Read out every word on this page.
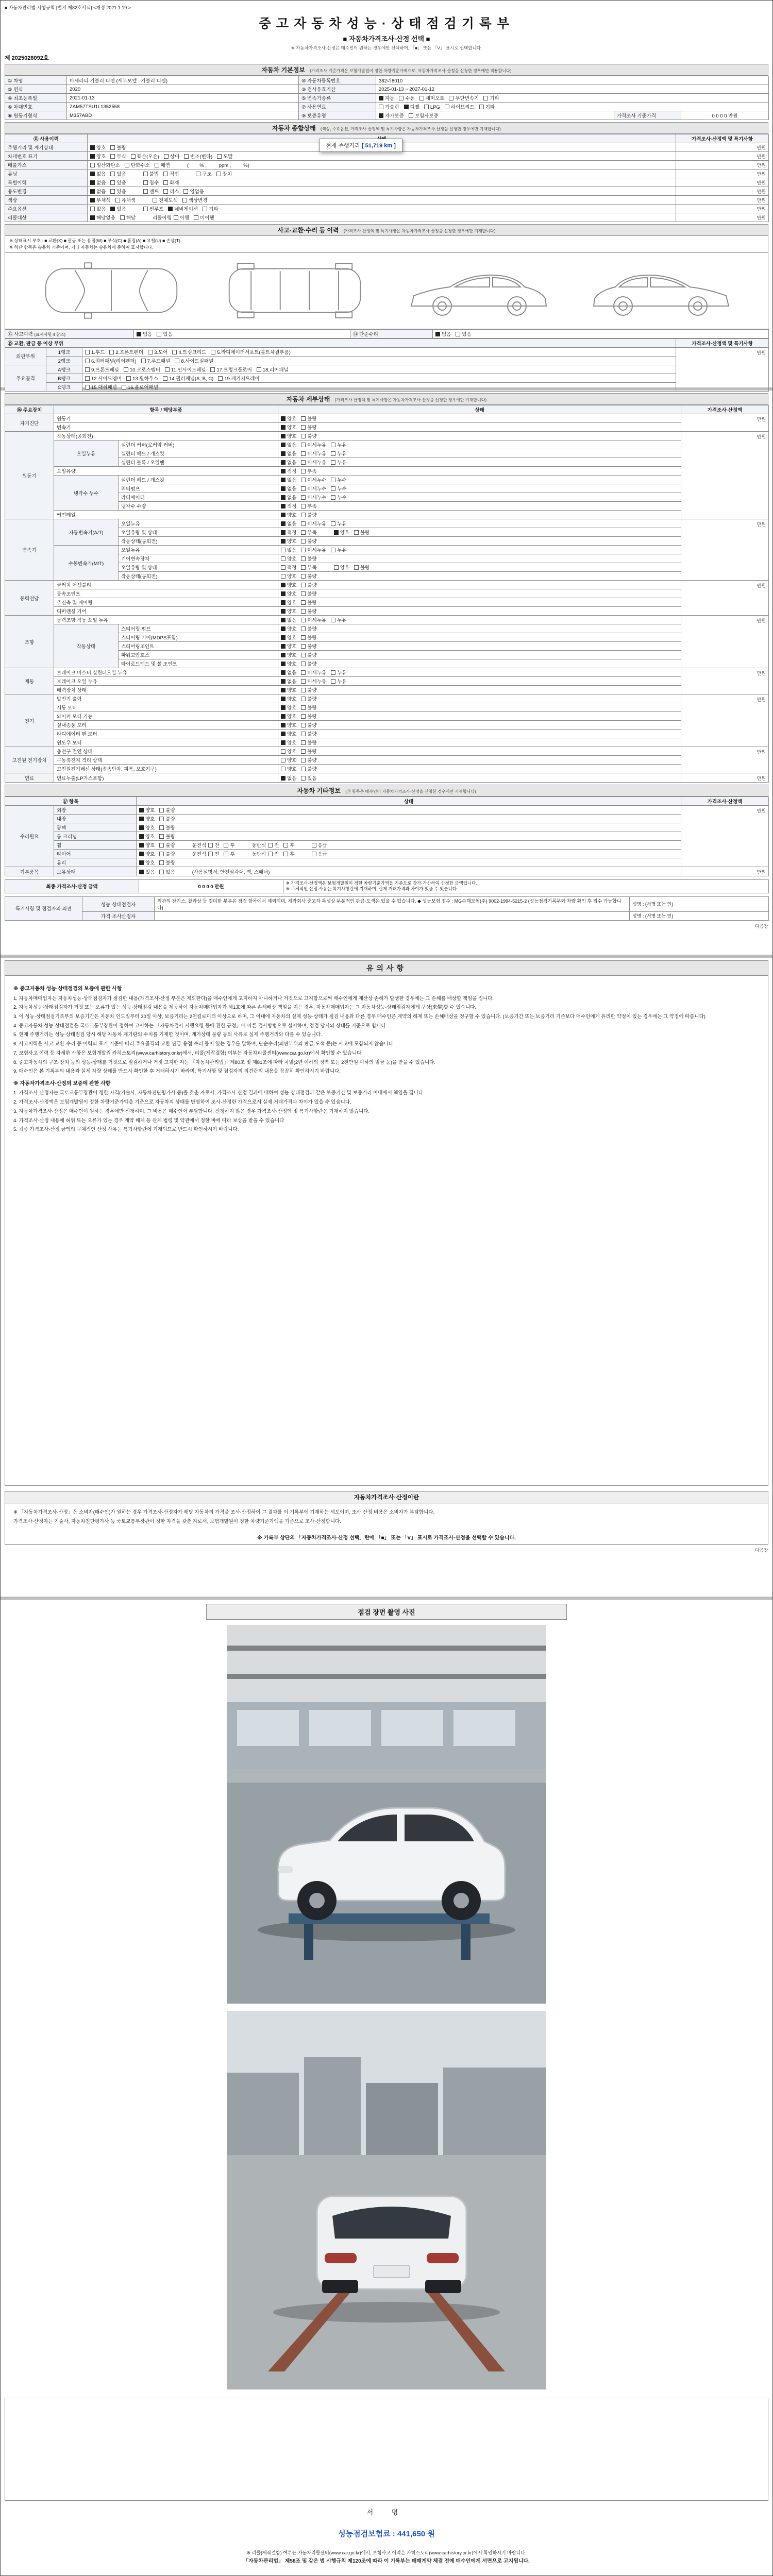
■ 자동차관리법 시행규칙 [별지 제82호서식] <개정 2021.1.19.>
중고자동차성능·상태점검기록부
■ 자동차가격조사·산정 선택 ■
※ 자동차가격조사·산정은 매수인이 원하는 경우에만 선택하며, 「■」 또는 「V」 표시로 선택합니다.
제 2025028092호
자동차 기본정보 (가격조사 기준가격은 보험개발원이 정한 차량기준가액으로, 자동차가격조사·산정을 신청한 경우에만 적용합니다)
① 차명	마세라티 기블리 디젤 (세부모델 : 기블리 디젤)	⑩ 자동차등록번호	382러8010		
② 연식	2020	③ 검사유효기간	2025-01-13 ~ 2027-01-12		
④ 최초등록일	2021-01-13	⑤ 변속기종류	자동 수동 세미오토 무단변속기 기타		
⑥ 차대번호	ZAM57TSU1L1352558	⑦ 사용연료	가솔린 디젤 LPG 하이브리드 기타		
⑧ 원동기형식	M357ABD	⑨ 보증유형	자가보증 보험사보증	가격조사 기준가격	0 0 0 0 만원
자동차 종합상태 (색상, 주요옵션, 가격조사·산정액 및 특기사항은 자동차가격조사·산정을 신청한 경우에만 기재합니다)
⑪ 사용이력		가격조사·산정액 및 특기사항
주행거리 및 계기상태	양호 불량	만원
차대번호 표기	양호 부식 훼손(오손) 상이 변조(변타) 도말	만원
배출가스	일산화탄소 탄화수소 매연 (        % ,         ppm ,         %)	만원
튜닝	없음 있음 불법 적법 구조 장치	만원
특별이력	없음 있음 침수 화재	만원
용도변경	없음 있음 렌트 리스 영업용	만원
색상	무채색 유채색 전체도색 색상변경	만원
주요옵션	없음 있음 썬루프 네비게이션 기타	만원
리콜대상	해당없음 해당 리콜이행 이행 미이행	만원
현재 주행거리 [ 51,719 km ]
사고·교환·수리 등 이력 (가격조사·산정액 및 특기사항은 자동차가격조사·산정을 신청한 경우에만 기재합니다)
※ 상태표시 부호 : ■ 교환(X) ■ 판금 또는 용접(W) ■ 부식(C) ■ 흠집(A) ■ 요철(U) ■ 손상(T)
※ 하단 항목은 승용차 기준이며, 기타 자동차는 승용차에 준하여 표시합니다.
⑬ 사고이력 (표시사항 4 참조)	없음 있음	⑭ 단순수리	없음 있음
⑮ 교환, 판금 등 이상 부위			가격조사·산정액 및 특기사항
외판부위	1랭크	1.후드 2.프론트펜더 3.도어 4.트렁크리드 5.라디에이터서포트(볼트체결부품)	만원
	2랭크	6.쿼터패널(리어펜더) 7.루프패널 8.사이드실패널	
주요골격	A랭크	9.프론트패널 10.크로스멤버 11.인사이드패널 17.트렁크플로어 18.리어패널	
	B랭크	12.사이드멤버 13.휠하우스 14.필러패널(A, B, C) 19.패키지트레이	
	C랭크	15.대쉬패널 16.플로어패널	
자동차 세부상태 (가격조사·산정액 및 특기사항은 자동차가격조사·산정을 신청한 경우에만 기재합니다)
⑯ 주요장치	항목 / 해당부품		상태	가격조사·산정액
자기진단	원동기		양호 불량	만원
	변속기		양호 불량	
원동기	작동상태(공회전)		양호 불량	만원
	오일누유	실린더 커버(로커암 커버)	없음 미세누유 누유	
		실린더 헤드 / 개스킷	없음 미세누유 누유	
		실린더 블록 / 오일팬	없음 미세누유 누유	
	오일유량		적정 부족	
	냉각수 누수	실린더 헤드 / 개스킷	없음 미세누수 누수	
		워터펌프	없음 미세누수 누수	
		라디에이터	없음 미세누수 누수	
		냉각수 수량	적정 부족	
	커먼레일		양호 불량	
변속기	자동변속기(A/T)	오일누유	없음 미세누유 누유	만원
		오일유량 및 상태	적정 부족 양호 불량	
		작동상태(공회전)	양호 불량	
	수동변속기(M/T)	오일누유	없음 미세누유 누유	
		기어변속장치	양호 불량	
		오일유량 및 상태	적정 부족 양호 불량	
		작동상태(공회전)	양호 불량	
동력전달	클러치 어셈블리		양호 불량	만원
	등속조인트		양호 불량	
	추진축 및 베어링		양호 불량	
	디퍼렌셜 기어		양호 불량	
조향	동력조향 작동 오일 누유		없음 미세누유 누유	만원
	작동상태	스티어링 펌프	양호 불량	
		스티어링 기어(MDPS포함)	양호 불량	
		스티어링조인트	양호 불량	
		파워고압호스	양호 불량	
		타이로드엔드 및 볼 조인트	양호 불량	
제동	브레이크 마스터 실린더오일 누유		없음 미세누유 누유	만원
	브레이크 오일 누유		없음 미세누유 누유	
	배력장치 상태		양호 불량	
전기	발전기 출력		양호 불량	만원
	시동 모터		양호 불량	
	와이퍼 모터 기능		양호 불량	
	실내송풍 모터		양호 불량	
	라디에이터 팬 모터		양호 불량	
	윈도우 모터		양호 불량	
고전원 전기장치	충전구 절연 상태		양호 불량	만원
	구동축전지 격리 상태		양호 불량	
	고전원전기배선 상태(접속단자, 피복, 보호기구)		양호 불량	
연료	연료누출(LP가스포함)		없음 있음	만원
자동차 기타정보 (⑰ 항목은 매수인이 자동차가격조사·산정을 신청한 경우에만 기재합니다)
⑰ 항목		상태	가격조사·산정액
수리필요	외장	양호 불량	만원
	내장	양호 불량	
	광택	양호 불량	
	룸 크리닝	양호 불량	
	휠	양호 불량 운전석 전 후 동반석 전 후 응급	
	타이어	양호 불량 운전석 전 후 동반석 전 후 응급	
	유리	양호 불량	
기본품목	보유상태	있음 없음 (사용설명서, 안전삼각대, 잭, 스패너)	만원
최종 가격조사·산정 금액	0 0 0 0 만원	
※ 가격조사·산정액은 보험개발원이 정한 차량기준가액을 기준으로 감가·가산하여 산정한 금액입니다.
※ 구체적인 산정 사유는 특기사항란에 기재하며, 실제 거래가격과 차이가 있을 수 있습니다.
특기사항 및 점검자의 의견	성능·상태점검자	외관의 잔기스, 찰과상 등 경미한 부분은 점검 항목에서 제외되며, 제작회사 중고차 특성상 부분적인 판금·도색은 있을 수 있습니다. ◆ 성능보험 접수 : MG손해보험(주) 9002-1994-5215-2 (성능점검기록부와 차량 확인 후 접수 가능합니다)	성명 : (서명 또는 인)
	가격·조사산정자		성명 : (서명 또는 인)
다음장
유의사항
※ 중고자동차 성능·상태점검의 보증에 관한 사항
1. 자동차매매업자는 자동차성능·상태점검자가 점검한 내용(가격조사·산정 부분은 제외한다)을 매수인에게 고지하지 아니하거나 거짓으로 고지함으로써 매수인에게 재산상 손해가 발생한 경우에는 그 손해를 배상할 책임을 집니다.
2. 자동차성능·상태점검자가 거짓 또는 오류가 있는 성능·상태점검 내용을 제공하여 자동차매매업자가 제1호에 따른 손해배상 책임을 지는 경우, 자동차매매업자는 그 자동차성능·상태점검자에게 구상(求償)할 수 있습니다.
3. 이 성능·상태점검기록부의 보증기간은 자동차 인도일부터 30일 이상, 보증거리는 2천킬로미터 이상으로 하며, 그 이내에 자동차의 실제 성능·상태가 점검 내용과 다른 경우 매수인은 계약의 해제 또는 손해배상을 청구할 수 있습니다. (보증기간 또는 보증거리 기준보다 매수인에게 유리한 약정이 있는 경우에는 그 약정에 따릅니다)
4. 중고자동차 성능·상태점검은 국토교통부장관이 정하여 고시하는 「자동차검사 시행요령 등에 관한 규정」에 따른 검사방법으로 실시하며, 점검 당시의 상태를 기준으로 합니다.
5. 현재 주행거리는 성능·상태점검 당시 해당 자동차 계기판의 수치를 기재한 것이며, 계기상태 불량 등의 사유로 실제 주행거리와 다를 수 있습니다.
6. 사고이력은 사고·교환·수리 등 이력의 표기 기준에 따라 주요골격의 교환·판금·용접 수리 등이 있는 경우를 말하며, 단순수리(외판부위의 판금·도색 등)는 사고에 포함되지 않습니다.
7. 보험사고 이력 등 자세한 사항은 보험개발원 카히스토리(www.carhistory.or.kr)에서, 리콜(제작결함) 여부는 자동차리콜센터(www.car.go.kr)에서 확인할 수 있습니다.
8. 중고자동차의 구조·장치 등의 성능·상태를 거짓으로 점검하거나 거짓 고지한 자는 「자동차관리법」 제80조 및 제81조에 따라 처벌(2년 이하의 징역 또는 2천만원 이하의 벌금 등)을 받을 수 있습니다.
9. 매수인은 본 기록부의 내용과 실제 차량 상태를 반드시 확인한 후 거래하시기 바라며, 특기사항 및 점검자의 의견란의 내용을 꼼꼼히 확인하시기 바랍니다.
※ 자동차가격조사·산정의 보증에 관한 사항
1. 가격조사·산정자는 국토교통부장관이 정한 자격(기술사, 자동차진단평가사 등)을 갖춘 자로서, 가격조사·산정 결과에 대하여 성능·상태점검과 같은 보증기간 및 보증거리 이내에서 책임을 집니다.
2. 가격조사·산정액은 보험개발원이 정한 차량기준가액을 기준으로 자동차의 상태를 반영하여 조사·산정한 가격으로서 실제 거래가격과 차이가 있을 수 있습니다.
3. 자동차가격조사·산정은 매수인이 원하는 경우에만 신청하며, 그 비용은 매수인이 부담합니다. 신청하지 않은 경우 가격조사·산정액 및 특기사항란은 기재하지 않습니다.
4. 가격조사·산정 내용에 허위 또는 오류가 있는 경우 계약 해제 등 관계 법령 및 약관에서 정한 바에 따라 보상을 받을 수 있습니다.
5. 최종 가격조사·산정 금액의 구체적인 산정 사유는 특기사항란에 기재되므로 반드시 확인하시기 바랍니다.
자동차가격조사·산정이란
※ 「자동차가격조사·산정」은 소비자(매수인)가 원하는 경우 가격조사·산정자가 해당 자동차의 가격을 조사·산정하여 그 결과를 이 기록부에 기재하는 제도이며, 조사·산정 비용은 소비자가 부담합니다.
가격조사·산정자는 기술사, 자동차진단평가사 등 국토교통부장관이 정한 자격을 갖춘 자로서, 보험개발원이 정한 차량기준가액을 기준으로 조사·산정합니다.
※ 기록부 상단의 「자동차가격조사·산정 선택」란에 「■」 또는 「V」 표시로 가격조사·산정을 선택할 수 있습니다.
다음장
점검 장면 촬영 사진
서 명
성능점검보험료 : 441,650 원
※ 리콜(제작결함) 여부는 자동차리콜센터(www.car.go.kr)에서, 보험사고 이력은 카히스토리(www.carhistory.or.kr)에서 확인하시기 바랍니다.
「자동차관리법」 제58조 및 같은 법 시행규칙 제120조에 따라 이 기록부는 매매계약 체결 전에 매수인에게 서면으로 고지됩니다.
